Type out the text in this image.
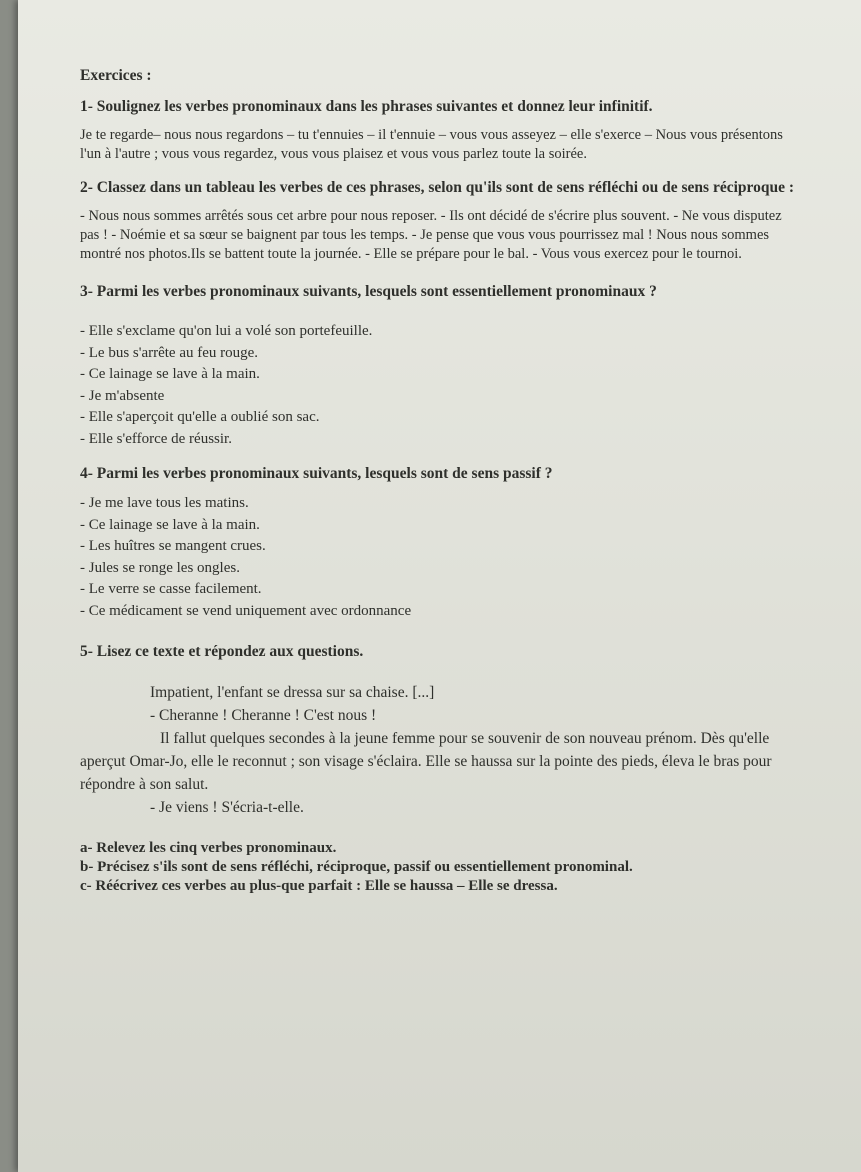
Exercices :

1- Soulignez les verbes pronominaux dans les phrases suivantes et donnez leur infinitif.

Je te regarde– nous nous regardons – tu t'ennuies – il t'ennuie – vous vous asseyez – elle s'exerce – Nous vous présentons l'un à l'autre ; vous vous regardez, vous vous plaisez et vous vous parlez toute la soirée.

2- Classez dans un tableau les verbes de ces phrases, selon qu'ils sont de sens réfléchi ou de sens réciproque :

- Nous nous sommes arrêtés sous cet arbre pour nous reposer. - Ils ont décidé de s'écrire plus souvent. - Ne vous disputez pas ! - Noémie et sa sœur se baignent par tous les temps. - Je pense que vous vous pourrissez mal ! Nous nous sommes montré nos photos.Ils se battent toute la journée. - Elle se prépare pour le bal. - Vous vous exercez pour le tournoi.

3- Parmi les verbes pronominaux suivants, lesquels sont essentiellement pronominaux ?

- Elle s'exclame qu'on lui a volé son portefeuille.
- Le bus s'arrête au feu rouge.
- Ce lainage se lave à la main.
- Je m'absente
- Elle s'aperçoit qu'elle a oublié son sac.
- Elle s'efforce de réussir.

4- Parmi les verbes pronominaux suivants, lesquels sont de sens passif ?

- Je me lave tous les matins.
- Ce lainage se lave à la main.
- Les huîtres se mangent crues.
- Jules se ronge les ongles.
- Le verre se casse facilement.
- Ce médicament se vend uniquement avec ordonnance

5- Lisez ce texte et répondez aux questions.

Impatient, l'enfant se dressa sur sa chaise. [...]

- Cheranne ! Cheranne ! C'est nous !

Il fallut quelques secondes à la jeune femme pour se souvenir de son nouveau prénom. Dès qu'elle aperçut Omar-Jo, elle le reconnut ; son visage s'éclaira. Elle se haussa sur la pointe des pieds, éleva le bras pour répondre à son salut.

- Je viens ! S'écria-t-elle.

a- Relevez les cinq verbes pronominaux.

b- Précisez s'ils sont de sens réfléchi, réciproque, passif ou essentiellement pronominal.

c- Réécrivez ces verbes au plus-que parfait : Elle se haussa – Elle se dressa.
